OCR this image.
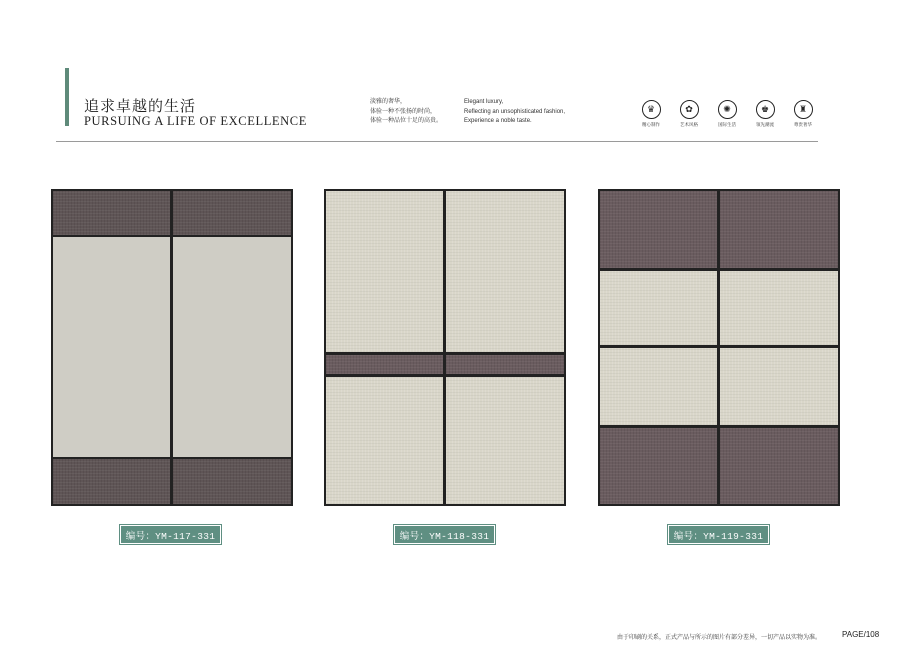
追求卓越的生活
PURSUING A LIFE OF EXCELLENCE
淡雅的奢华，
体验一种不张扬的时尚，
体验一种品位十足的高贵。
Elegant luxury,
Reflecting an unsophisticated fashion,
Experience a noble taste.
♛
精心制作
✿
艺术风格
✺
国际生活
♚
领先潮流
♜
尊贵奢华
编号：YM-117-331	编号：YM-118-331	编号：YM-119-331
由于印刷的关系，正式产品与所示的图片有部分差异，一切产品以实物为准。	PAGE/108
